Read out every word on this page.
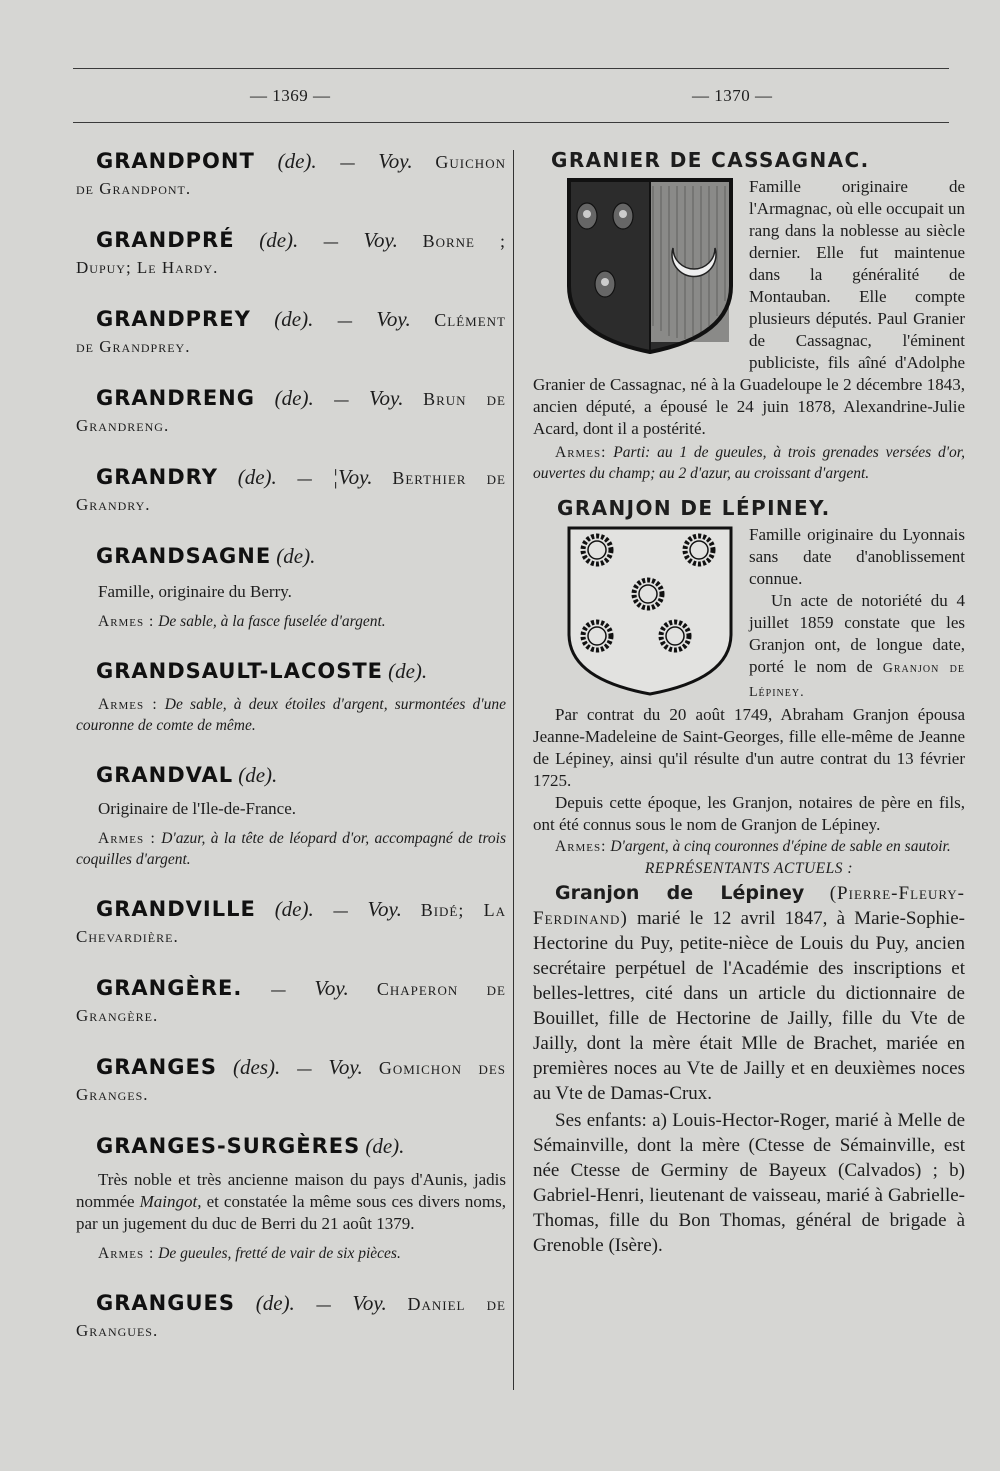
— 1369 —	— 1370 —
GRANDPONT (de). — Voy. Guichon
de Grandpont.
GRANDPRÉ (de). — Voy. Borne ;
Dupuy; Le Hardy.
GRANDPREY (de). — Voy. Clément
de Grandprey.
GRANDRENG (de). — Voy. Brun de
Grandreng.
GRANDRY (de). — ¦Voy. Berthier de
Grandry.
GRANDSAGNE (de).
Famille, originaire du Berry.
Armes : De sable, à la fasce fuselée d'argent.
GRANDSAULT-LACOSTE (de).
Armes : De sable, à deux étoiles d'argent, surmontées d'une couronne de comte de même.
GRANDVAL (de).
Originaire de l'Ile-de-France.
Armes : D'azur, à la tête de léopard d'or, accompagné de trois coquilles d'argent.
GRANDVILLE (de). — Voy. Bidé; La
Chevardière.
GRANGÈRE. — Voy. Chaperon de
Grangère.
GRANGES (des). — Voy. Gomichon des
Granges.
GRANGES-SURGÈRES (de).
Très noble et très ancienne maison du pays d'Aunis, jadis nommée Maingot, et constatée la même sous ces divers noms, par un jugement du duc de Berri du 21 août 1379.
Armes : De gueules, fretté de vair de six pièces.
GRANGUES (de). — Voy. Daniel de
Grangues.
GRANIER DE CASSAGNAC.
Famille originaire de l'Armagnac, où elle occupait un rang dans la noblesse au siècle dernier. Elle fut maintenue dans la généralité de Montauban. Elle compte plusieurs députés. Paul Granier de Cassagnac, l'éminent publiciste, fils aîné d'Adolphe Granier de Cassagnac, né à la Guadeloupe le 2 décembre 1843, ancien député, a épousé le 24 juin 1878, Alexandrine-Julie Acard, dont il a postérité.
Armes: Parti: au 1 de gueules, à trois grenades versées d'or, ouvertes du champ; au 2 d'azur, au croissant d'argent.
GRANJON DE LÉPINEY.
Famille originaire du Lyonnais sans date d'anoblissement connue.
Un acte de notoriété du 4 juillet 1859 constate que les Granjon ont, de longue date, porté le nom de Granjon de Lépiney.
Par contrat du 20 août 1749, Abraham Granjon épousa Jeanne-Madeleine de Saint-Georges, fille elle-même de Jeanne de Lépiney, ainsi qu'il résulte d'un autre contrat du 13 février 1725.
Depuis cette époque, les Granjon, notaires de père en fils, ont été connus sous le nom de Granjon de Lépiney.
Armes: D'argent, à cinq couronnes d'épine de sable en sautoir.
REPRÉSENTANTS ACTUELS :
Granjon de Lépiney (Pierre-Fleury-Ferdinand) marié le 12 avril 1847, à Marie-Sophie-Hectorine du Puy, petite-nièce de Louis du Puy, ancien secrétaire perpétuel de l'Académie des inscriptions et belles-lettres, cité dans un article du dictionnaire de Bouillet, fille de Hectorine de Jailly, fille du Vte de Jailly, dont la mère était Mlle de Brachet, mariée en premières noces au Vte de Jailly et en deuxièmes noces au Vte de Damas-Crux.
Ses enfants: a) Louis-Hector-Roger, marié à Melle de Sémainville, dont la mère (Ctesse de Sémainville, est née Ctesse de Germiny de Bayeux (Calvados) ; b) Gabriel-Henri, lieutenant de vaisseau, marié à Gabrielle-Thomas, fille du Bon Thomas, général de brigade à Grenoble (Isère).
